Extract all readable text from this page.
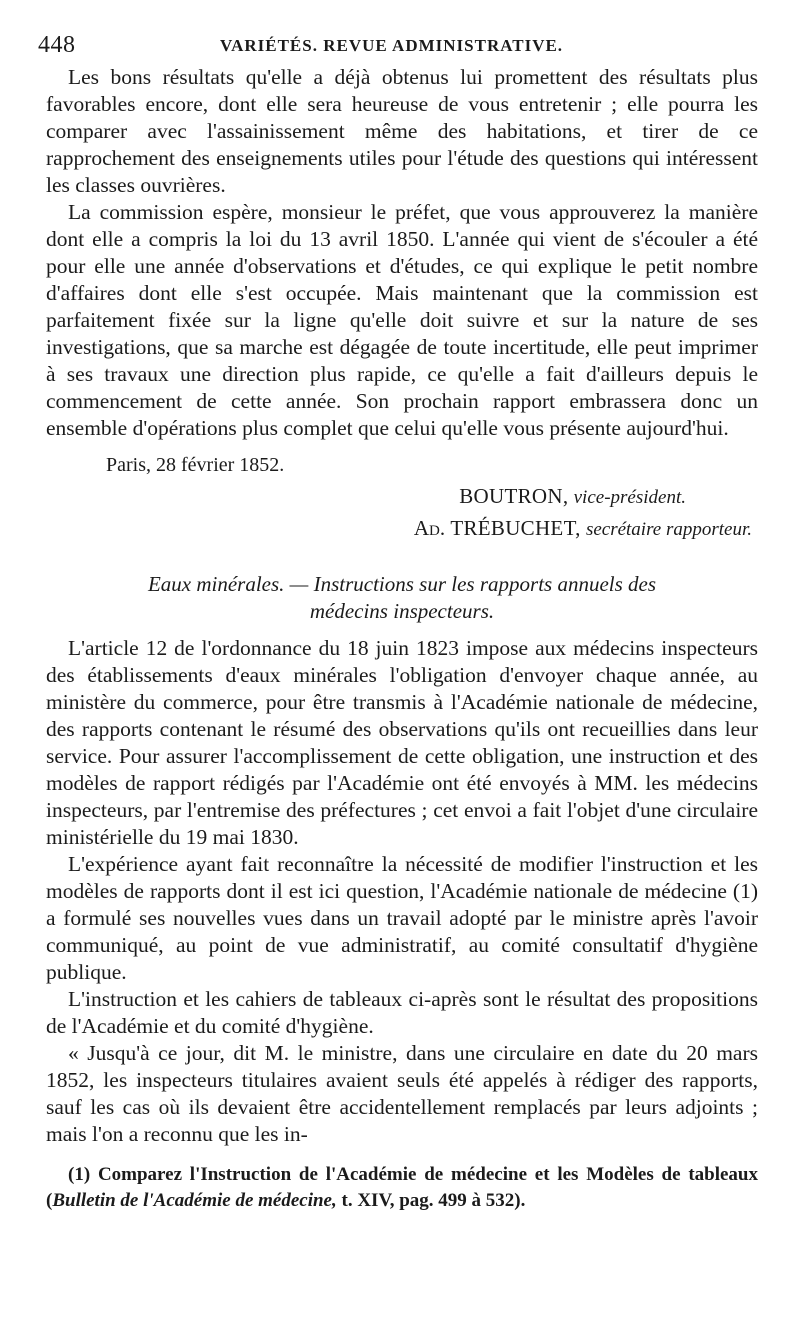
448	VARIÉTÉS. REVUE ADMINISTRATIVE.

Les bons résultats qu'elle a déjà obtenus lui promettent des résultats plus favorables encore, dont elle sera heureuse de vous entretenir ; elle pourra les comparer avec l'assainissement même des habitations, et tirer de ce rapprochement des enseignements utiles pour l'étude des questions qui intéressent les classes ouvrières.

La commission espère, monsieur le préfet, que vous approuverez la manière dont elle a compris la loi du 13 avril 1850. L'année qui vient de s'écouler a été pour elle une année d'observations et d'études, ce qui explique le petit nombre d'affaires dont elle s'est occupée. Mais maintenant que la commission est parfaitement fixée sur la ligne qu'elle doit suivre et sur la nature de ses investigations, que sa marche est dégagée de toute incertitude, elle peut imprimer à ses travaux une direction plus rapide, ce qu'elle a fait d'ailleurs depuis le commencement de cette année. Son prochain rapport embrassera donc un ensemble d'opérations plus complet que celui qu'elle vous présente aujourd'hui.

Paris, 28 février 1852.
BOUTRON, vice-président.
Ad. TRÉBUCHET, secrétaire rapporteur.
Eaux minérales. — Instructions sur les rapports annuels des
médecins inspecteurs.

L'article 12 de l'ordonnance du 18 juin 1823 impose aux médecins inspecteurs des établissements d'eaux minérales l'obligation d'envoyer chaque année, au ministère du commerce, pour être transmis à l'Académie nationale de médecine, des rapports contenant le résumé des observations qu'ils ont recueillies dans leur service. Pour assurer l'accomplissement de cette obligation, une instruction et des modèles de rapport rédigés par l'Académie ont été envoyés à MM. les médecins inspecteurs, par l'entremise des préfectures ; cet envoi a fait l'objet d'une circulaire ministérielle du 19 mai 1830.

L'expérience ayant fait reconnaître la nécessité de modifier l'instruction et les modèles de rapports dont il est ici question, l'Académie nationale de médecine (1) a formulé ses nouvelles vues dans un travail adopté par le ministre après l'avoir communiqué, au point de vue administratif, au comité consultatif d'hygiène publique.

L'instruction et les cahiers de tableaux ci-après sont le résultat des propositions de l'Académie et du comité d'hygiène.

« Jusqu'à ce jour, dit M. le ministre, dans une circulaire en date du 20 mars 1852, les inspecteurs titulaires avaient seuls été appelés à rédiger des rapports, sauf les cas où ils devaient être accidentellement remplacés par leurs adjoints ; mais l'on a reconnu que les in-

(1) Comparez l'Instruction de l'Académie de médecine et les Modèles de tableaux (Bulletin de l'Académie de médecine, t. XIV, pag. 499 à 532).
